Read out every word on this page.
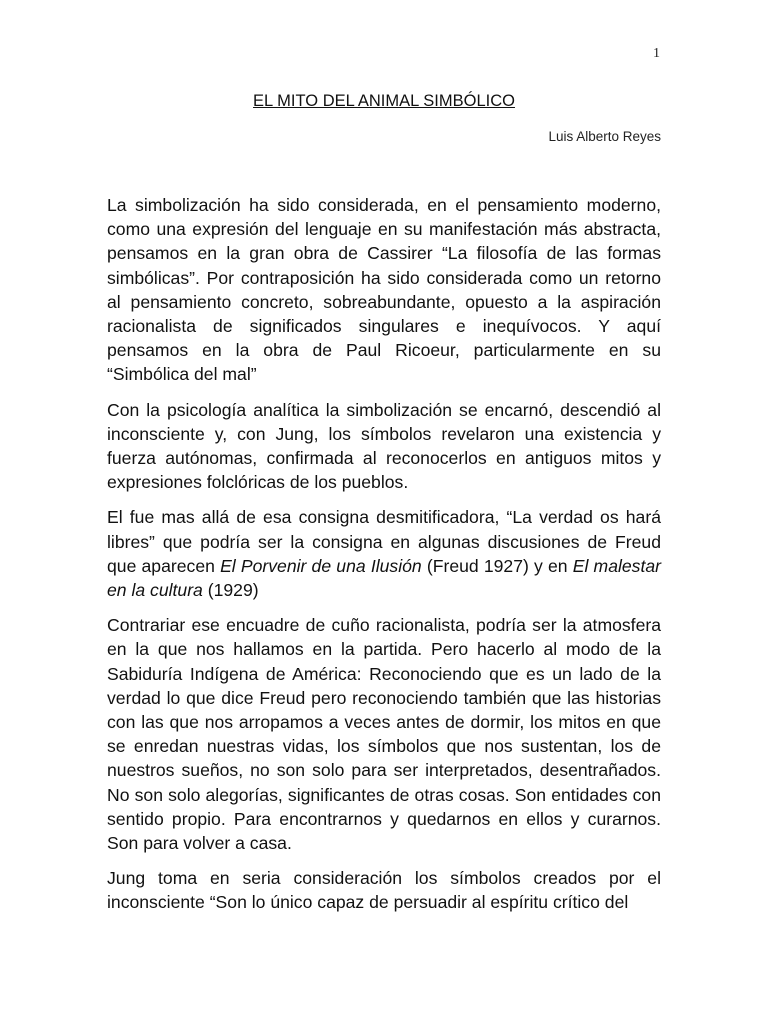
1
EL MITO DEL ANIMAL SIMBÓLICO
Luis Alberto Reyes

La simbolización ha sido considerada, en el pensamiento moderno, como una expresión del lenguaje en su manifestación más abstracta, pensamos en la gran obra de Cassirer “La filosofía de las formas simbólicas”. Por contraposición ha sido considerada como un retorno al pensamiento concreto, sobreabundante, opuesto a la aspiración racionalista de significados singulares e inequívocos. Y aquí pensamos en la obra de Paul Ricoeur, particularmente en su “Simbólica del mal”

Con la psicología analítica la simbolización se encarnó, descendió al inconsciente y, con Jung, los símbolos revelaron una existencia y fuerza autónomas, confirmada al reconocerlos en antiguos mitos y expresiones folclóricas de los pueblos.

El fue mas allá de esa consigna desmitificadora, “La verdad os hará libres” que podría ser la consigna en algunas discusiones de Freud que aparecen El Porvenir de una Ilusión (Freud 1927) y en El malestar en la cultura (1929)

Contrariar ese encuadre de cuño racionalista, podría ser la atmosfera en la que nos hallamos en la partida. Pero hacerlo al modo de la Sabiduría Indígena de América: Reconociendo que es un lado de la verdad lo que dice Freud pero reconociendo también que las historias con las que nos arropamos a veces antes de dormir, los mitos en que se enredan nuestras vidas, los símbolos que nos sustentan, los de nuestros sueños, no son solo para ser interpretados, desentrañados. No son solo alegorías, significantes de otras cosas. Son entidades con sentido propio. Para encontrarnos y quedarnos en ellos y curarnos. Son para volver a casa.

Jung toma en seria consideración los símbolos creados por el inconsciente “Son lo único capaz de persuadir al espíritu crítico del
